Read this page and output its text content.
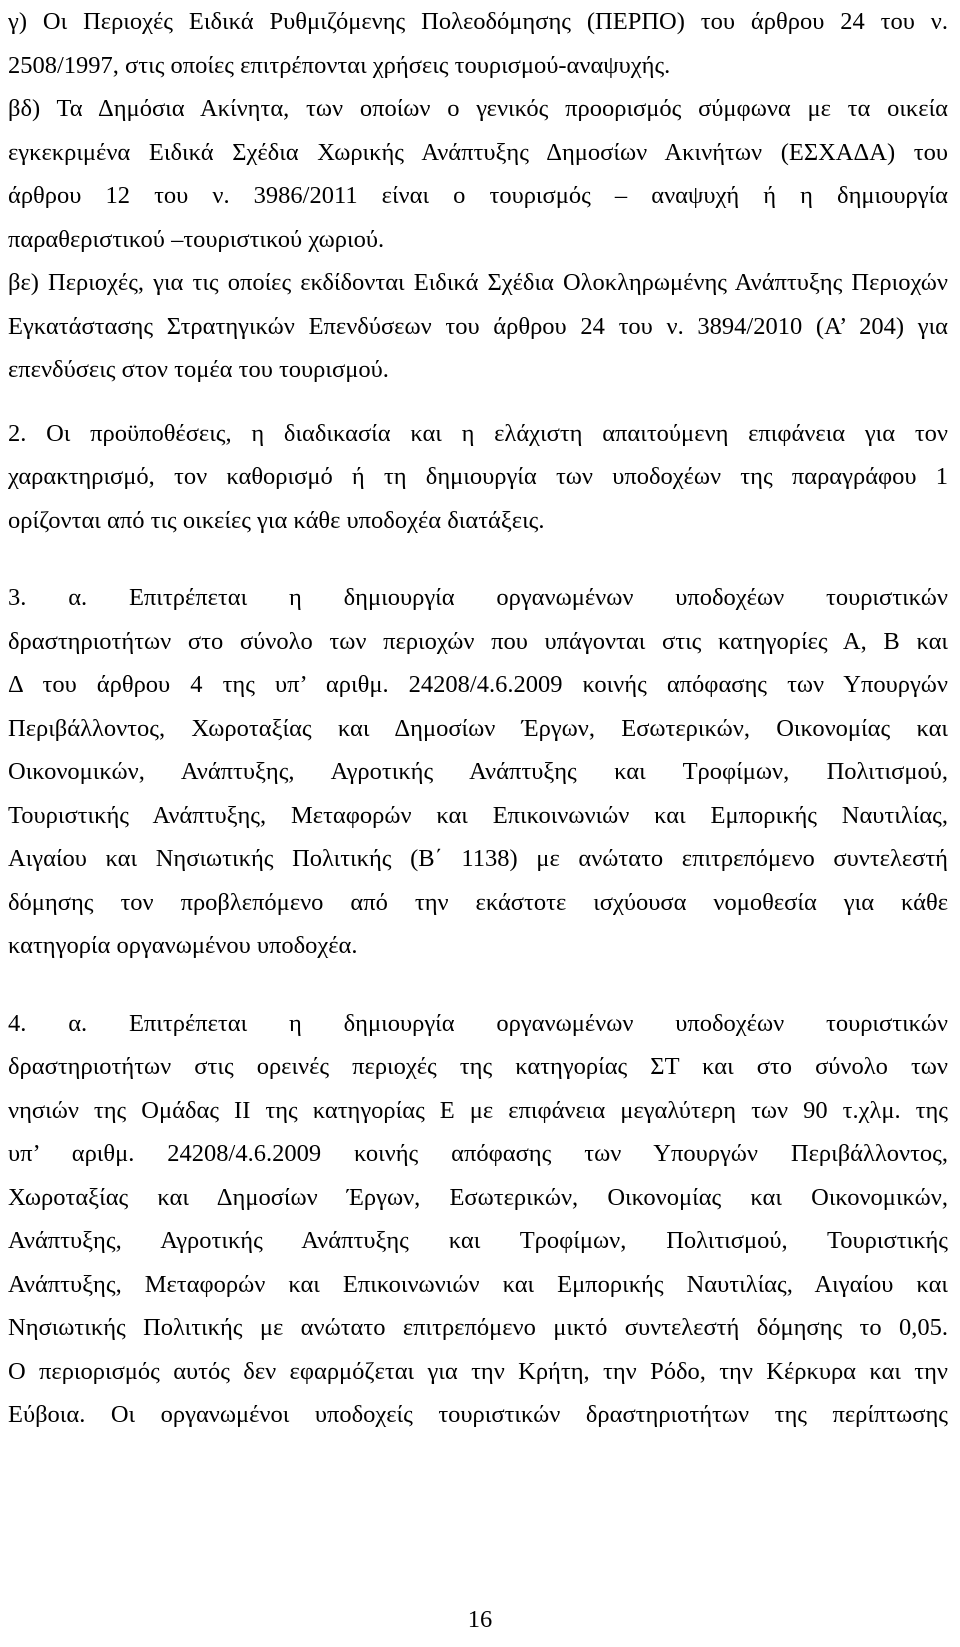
γ) Οι Περιοχές Ειδικά Ρυθμιζόμενης Πολεοδόμησης (ΠΕΡΠΟ) του άρθρου 24 του ν.
2508/1997, στις οποίες επιτρέπονται χρήσεις τουρισμού-αναψυχής.
βδ) Τα Δημόσια Ακίνητα, των οποίων ο γενικός προορισμός σύμφωνα με τα οικεία
εγκεκριμένα Ειδικά Σχέδια Χωρικής Ανάπτυξης Δημοσίων Ακινήτων (ΕΣΧΑΔΑ) του
άρθρου 12 του ν. 3986/2011 είναι ο τουρισμός – αναψυχή ή η δημιουργία
παραθεριστικού –τουριστικού χωριού.
βε) Περιοχές, για τις οποίες εκδίδονται Ειδικά Σχέδια Ολοκληρωμένης Ανάπτυξης Περιοχών
Εγκατάστασης Στρατηγικών Επενδύσεων του άρθρου 24 του ν. 3894/2010 (Α’ 204) για
επενδύσεις στον τομέα του τουρισμού.
2. Οι προϋποθέσεις, η διαδικασία και η ελάχιστη απαιτούμενη επιφάνεια για τον
χαρακτηρισμό, τον καθορισμό ή τη δημιουργία των υποδοχέων της παραγράφου 1
ορίζονται από τις οικείες για κάθε υποδοχέα διατάξεις.
3. α. Επιτρέπεται η δημιουργία οργανωμένων υποδοχέων τουριστικών
δραστηριοτήτων στο σύνολο των περιοχών που υπάγονται στις κατηγορίες Α, Β και
Δ του άρθρου 4 της υπ’ αριθμ. 24208/4.6.2009 κοινής απόφασης των Υπουργών
Περιβάλλοντος, Χωροταξίας και Δημοσίων Έργων, Εσωτερικών, Οικονομίας και
Οικονομικών, Ανάπτυξης, Αγροτικής Ανάπτυξης και Τροφίμων, Πολιτισμού,
Τουριστικής Ανάπτυξης, Μεταφορών και Επικοινωνιών και Εμπορικής Ναυτιλίας,
Αιγαίου και Νησιωτικής Πολιτικής (Β΄ 1138) με ανώτατο επιτρεπόμενο συντελεστή
δόμησης τον προβλεπόμενο από την εκάστοτε ισχύουσα νομοθεσία για κάθε
κατηγορία οργανωμένου υποδοχέα.
4. α. Επιτρέπεται η δημιουργία οργανωμένων υποδοχέων τουριστικών
δραστηριοτήτων στις ορεινές περιοχές της κατηγορίας ΣΤ και στο σύνολο των
νησιών της Ομάδας ΙΙ της κατηγορίας Ε με επιφάνεια μεγαλύτερη των 90 τ.χλμ. της
υπ’ αριθμ. 24208/4.6.2009 κοινής απόφασης των Υπουργών Περιβάλλοντος,
Χωροταξίας και Δημοσίων Έργων, Εσωτερικών, Οικονομίας και Οικονομικών,
Ανάπτυξης, Αγροτικής Ανάπτυξης και Τροφίμων, Πολιτισμού, Τουριστικής
Ανάπτυξης, Μεταφορών και Επικοινωνιών και Εμπορικής Ναυτιλίας, Αιγαίου και
Νησιωτικής Πολιτικής με ανώτατο επιτρεπόμενο μικτό συντελεστή δόμησης το 0,05.
Ο περιορισμός αυτός δεν εφαρμόζεται για την Κρήτη, την Ρόδο, την Κέρκυρα και την
Εύβοια. Οι οργανωμένοι υποδοχείς τουριστικών δραστηριοτήτων της περίπτωσης
16
